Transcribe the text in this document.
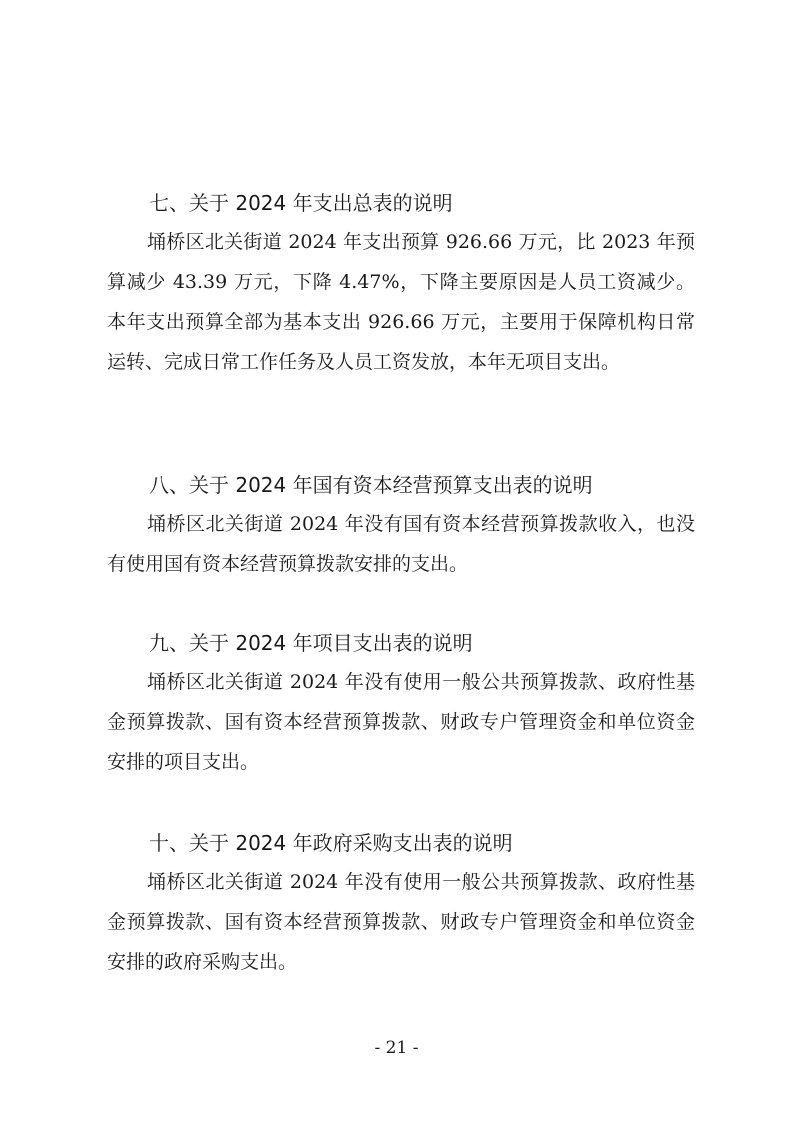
七、关于 2024 年支出总表的说明

埇桥区北关街道 2024 年支出预算 926.66 万元，比 2023 年预算减少 43.39 万元，下降 4.47%，下降主要原因是人员工资减少。本年支出预算全部为基本支出 926.66 万元，主要用于保障机构日常运转、完成日常工作任务及人员工资发放，本年无项目支出。

八、关于 2024 年国有资本经营预算支出表的说明

埇桥区北关街道 2024 年没有国有资本经营预算拨款收入，也没有使用国有资本经营预算拨款安排的支出。

九、关于 2024 年项目支出表的说明

埇桥区北关街道 2024 年没有使用一般公共预算拨款、政府性基金预算拨款、国有资本经营预算拨款、财政专户管理资金和单位资金安排的项目支出。

十、关于 2024 年政府采购支出表的说明

埇桥区北关街道 2024 年没有使用一般公共预算拨款、政府性基金预算拨款、国有资本经营预算拨款、财政专户管理资金和单位资金安排的政府采购支出。

- 21 -
